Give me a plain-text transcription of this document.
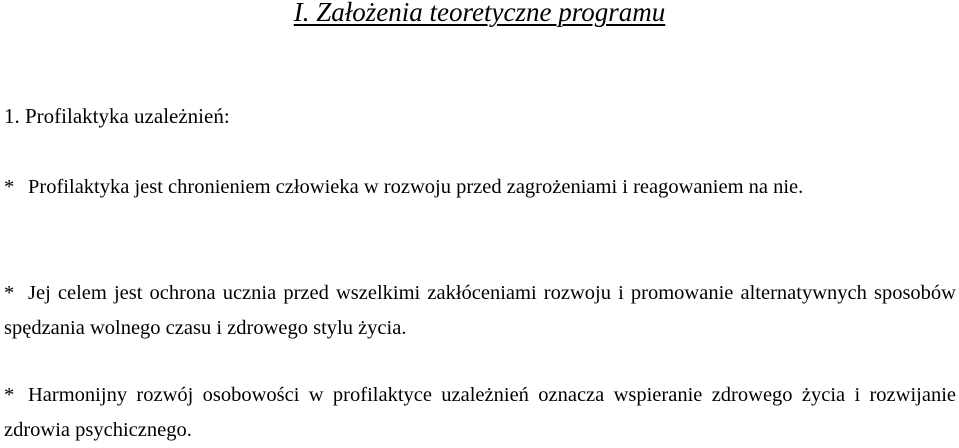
I. Założenia teoretyczne programu
1. Profilaktyka uzależnień:
* Profilaktyka jest chronieniem człowieka w rozwoju przed zagrożeniami i reagowaniem na nie.
* Jej celem jest ochrona ucznia przed wszelkimi zakłóceniami rozwoju i promowanie alternatywnych sposobów spędzania wolnego czasu i zdrowego stylu życia.
* Harmonijny rozwój osobowości w profilaktyce uzależnień oznacza wspieranie zdrowego życia i rozwijanie zdrowia psychicznego.
